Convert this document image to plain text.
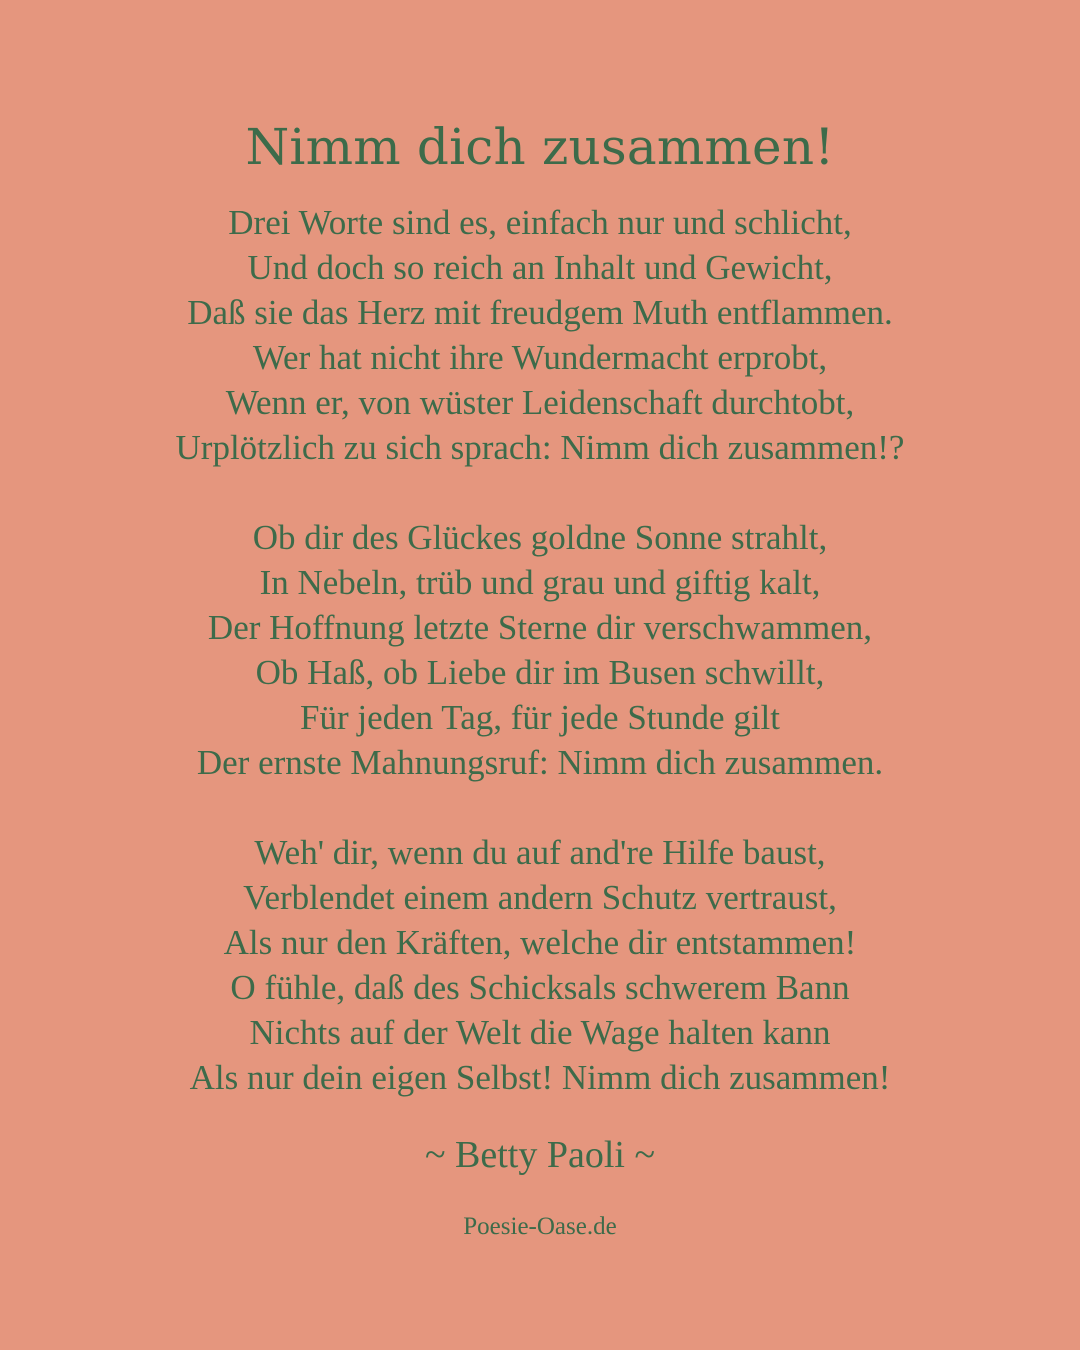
Nimm dich zusammen!
Drei Worte sind es, einfach nur und schlicht,
Und doch so reich an Inhalt und Gewicht,
Daß sie das Herz mit freudgem Muth entflammen.
Wer hat nicht ihre Wundermacht erprobt,
Wenn er, von wüster Leidenschaft durchtobt,
Urplötzlich zu sich sprach: Nimm dich zusammen!?
Ob dir des Glückes goldne Sonne strahlt,
In Nebeln, trüb und grau und giftig kalt,
Der Hoffnung letzte Sterne dir verschwammen,
Ob Haß, ob Liebe dir im Busen schwillt,
Für jeden Tag, für jede Stunde gilt
Der ernste Mahnungsruf: Nimm dich zusammen.
Weh' dir, wenn du auf and're Hilfe baust,
Verblendet einem andern Schutz vertraust,
Als nur den Kräften, welche dir entstammen!
O fühle, daß des Schicksals schwerem Bann
Nichts auf der Welt die Wage halten kann
Als nur dein eigen Selbst! Nimm dich zusammen!
~ Betty Paoli ~
Poesie-Oase.de
